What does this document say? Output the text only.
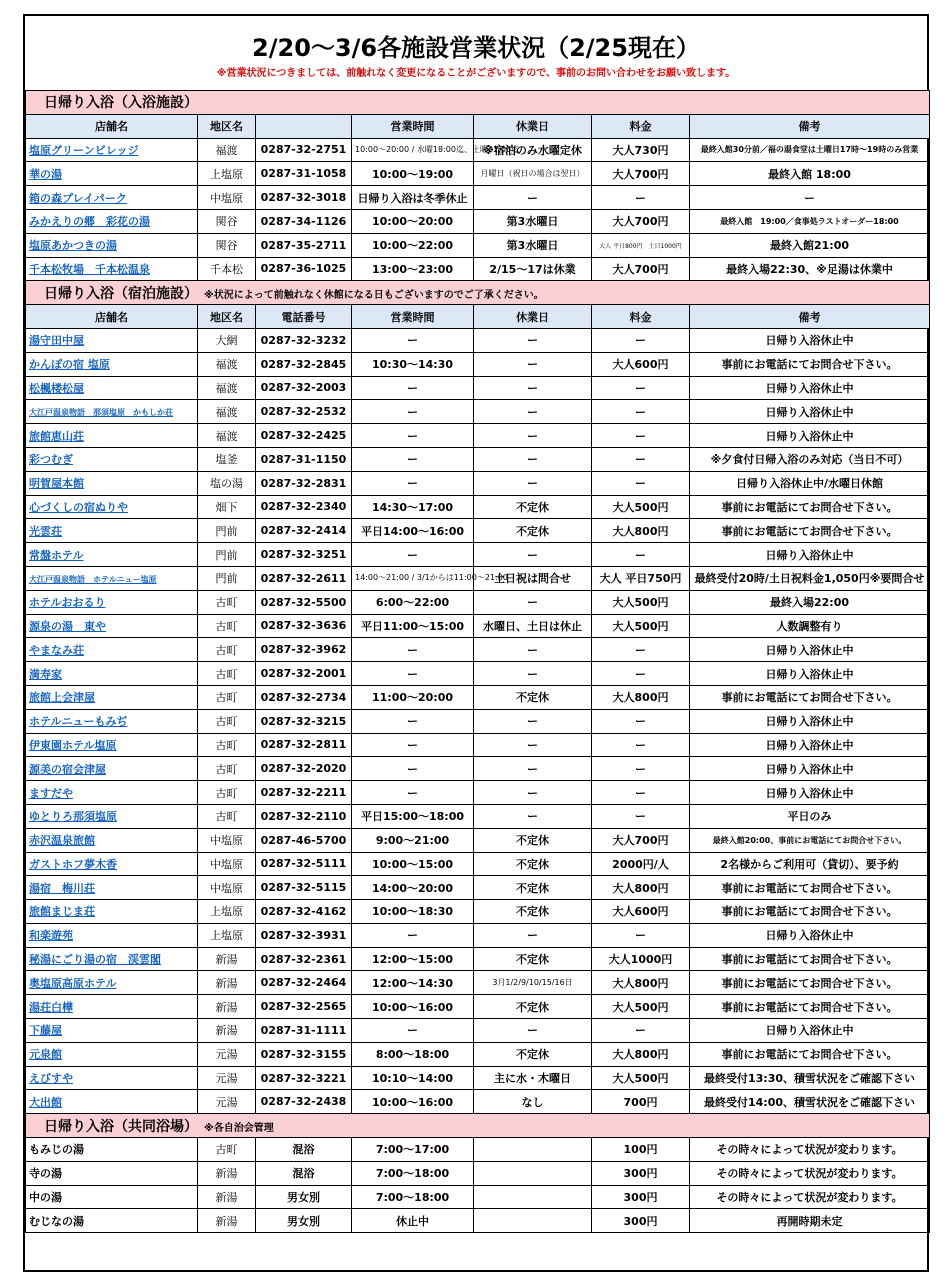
2/20～3/6各施設営業状況（2/25現在）
※営業状況につきましては、前触れなく変更になることがございますので、事前のお問い合わせをお願い致します。
日帰り入浴（入浴施設）						
店舗名	地区名		営業時間	休業日	料金	備考
塩原グリーンビレッジ	福渡	0287-32-2751	10:00～20:00 / 水曜18:00迄、土曜21:00迄	※宿泊のみ水曜定休	大人730円	最終入館30分前／福の湯食堂は土曜日17時～19時のみ営業
華の湯	上塩原	0287-31-1058	10:00～19:00	月曜日（祝日の場合は翌日）	大人700円	最終入館 18:00
箱の森プレイパーク	中塩原	0287-32-3018	日帰り入浴は冬季休止	ー	ー	ー
みかえりの郷　彩花の湯	関谷	0287-34-1126	10:00～20:00	第3水曜日	大人700円	最終入館　19:00／食事処ラストオーダー18:00
塩原あかつきの湯	関谷	0287-35-2711	10:00～22:00	第3水曜日	大人 平日800円　土日1000円	最終入館21:00
千本松牧場　千本松温泉	千本松	0287-36-1025	13:00～23:00	2/15～17は休業	大人700円	最終入場22:30、※足湯は休業中
日帰り入浴（宿泊施設） ※状況によって前触れなく休館になる日もございますのでご了承ください。						
店舗名	地区名	電話番号	営業時間	休業日	料金	備考
湯守田中屋	大網	0287-32-3232	ー	ー	ー	日帰り入浴休止中
かんぽの宿 塩原	福渡	0287-32-2845	10:30～14:30	ー	大人600円	事前にお電話にてお問合せ下さい。
松楓楼松屋	福渡	0287-32-2003	ー	ー	ー	日帰り入浴休止中
大江戸温泉物語　那須塩原　かもしか荘	福渡	0287-32-2532	ー	ー	ー	日帰り入浴休止中
旅館恵山荘	福渡	0287-32-2425	ー	ー	ー	日帰り入浴休止中
彩つむぎ	塩釜	0287-31-1150	ー	ー	ー	※夕食付日帰入浴のみ対応（当日不可）
明賀屋本館	塩の湯	0287-32-2831	ー	ー	ー	日帰り入浴休止中/水曜日休館
心づくしの宿ぬりや	畑下	0287-32-2340	14:30～17:00	不定休	大人500円	事前にお電話にてお問合せ下さい。
光雲荘	門前	0287-32-2414	平日14:00～16:00	不定休	大人800円	事前にお電話にてお問合せ下さい。
常盤ホテル	門前	0287-32-3251	ー	ー	ー	日帰り入浴休止中
大江戸温泉物語　ホテルニュー塩原	門前	0287-32-2611	14:00～21:00 / 3/1からは11:00～21:00	土日祝は問合せ	大人 平日750円	最終受付20時/土日祝料金1,050円※要問合せ
ホテルおおるり	古町	0287-32-5500	6:00～22:00	ー	大人500円	最終入場22:00
源泉の湯　東や	古町	0287-32-3636	平日11:00～15:00	水曜日、土日は休止	大人500円	人数調整有り
やまなみ荘	古町	0287-32-3962	ー	ー	ー	日帰り入浴休止中
満寿家	古町	0287-32-2001	ー	ー	ー	日帰り入浴休止中
旅館上会津屋	古町	0287-32-2734	11:00～20:00	不定休	大人800円	事前にお電話にてお問合せ下さい。
ホテルニューもみぢ	古町	0287-32-3215	ー	ー	ー	日帰り入浴休止中
伊東園ホテル塩原	古町	0287-32-2811	ー	ー	ー	日帰り入浴休止中
源美の宿会津屋	古町	0287-32-2020	ー	ー	ー	日帰り入浴休止中
ますだや	古町	0287-32-2211	ー	ー	ー	日帰り入浴休止中
ゆとりろ那須塩原	古町	0287-32-2110	平日15:00～18:00	ー	ー	平日のみ
赤沢温泉旅館	中塩原	0287-46-5700	9:00～21:00	不定休	大人700円	最終入館20:00、事前にお電話にてお問合せ下さい。
ガストホフ夢木香	中塩原	0287-32-5111	10:00～15:00	不定休	2000円/人	2名様からご利用可（貸切）、要予約
湯宿　梅川荘	中塩原	0287-32-5115	14:00～20:00	不定休	大人800円	事前にお電話にてお問合せ下さい。
旅館まじま荘	上塩原	0287-32-4162	10:00～18:30	不定休	大人600円	事前にお電話にてお問合せ下さい。
和楽遊苑	上塩原	0287-32-3931	ー	ー	ー	日帰り入浴休止中
秘湯にごり湯の宿　渓雲閣	新湯	0287-32-2361	12:00～15:00	不定休	大人1000円	事前にお電話にてお問合せ下さい。
奥塩原高原ホテル	新湯	0287-32-2464	12:00～14:30	3月1/2/9/10/15/16日	大人800円	事前にお電話にてお問合せ下さい。
湯荘白樺	新湯	0287-32-2565	10:00～16:00	不定休	大人500円	事前にお電話にてお問合せ下さい。
下藤屋	新湯	0287-31-1111	ー	ー	ー	日帰り入浴休止中
元泉館	元湯	0287-32-3155	8:00～18:00	不定休	大人800円	事前にお電話にてお問合せ下さい。
えびすや	元湯	0287-32-3221	10:10～14:00	主に水・木曜日	大人500円	最終受付13:30、積雪状況をご確認下さい
大出館	元湯	0287-32-2438	10:00～16:00	なし	700円	最終受付14:00、積雪状況をご確認下さい
日帰り入浴（共同浴場） ※各自治会管理						
もみじの湯	古町	混浴	7:00～17:00		100円	その時々によって状況が変わります。
寺の湯	新湯	混浴	7:00～18:00		300円	その時々によって状況が変わります。
中の湯	新湯	男女別	7:00～18:00		300円	その時々によって状況が変わります。
むじなの湯	新湯	男女別	休止中		300円	再開時期未定
